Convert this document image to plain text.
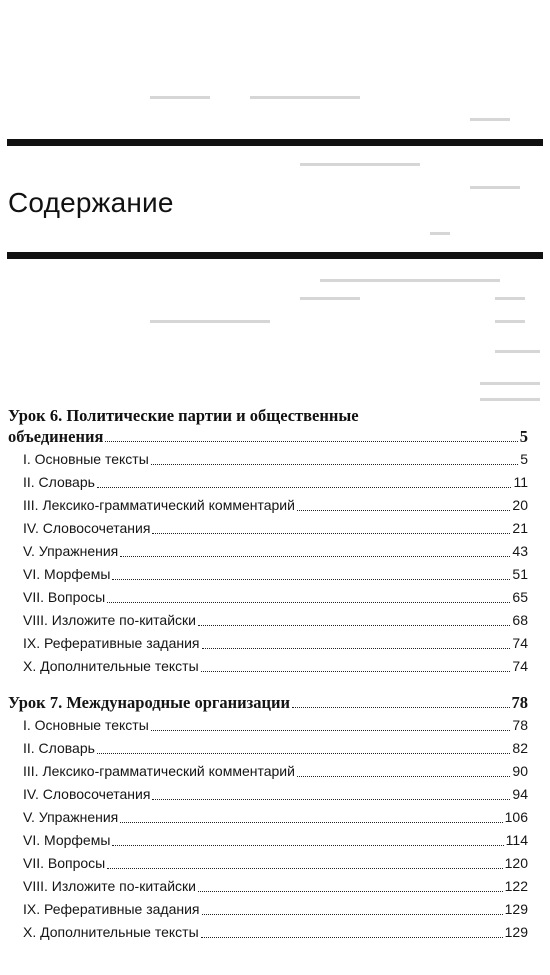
Содержание
Урок 6. Политические партии и общественные
объединения	5
I. Основные тексты	5
II. Словарь	11
III. Лексико-грамматический комментарий	20
IV. Словосочетания	21
V. Упражнения	43
VI. Морфемы	51
VII. Вопросы	65
VIII. Изложите по-китайски	68
IX. Реферативные задания	74
X. Дополнительные тексты	74
Урок 7. Международные организации	78
I. Основные тексты	78
II. Словарь	82
III. Лексико-грамматический комментарий	90
IV. Словосочетания	94
V. Упражнения	106
VI. Морфемы	114
VII. Вопросы	120
VIII. Изложите по-китайски	122
IX. Реферативные задания	129
X. Дополнительные тексты	129
